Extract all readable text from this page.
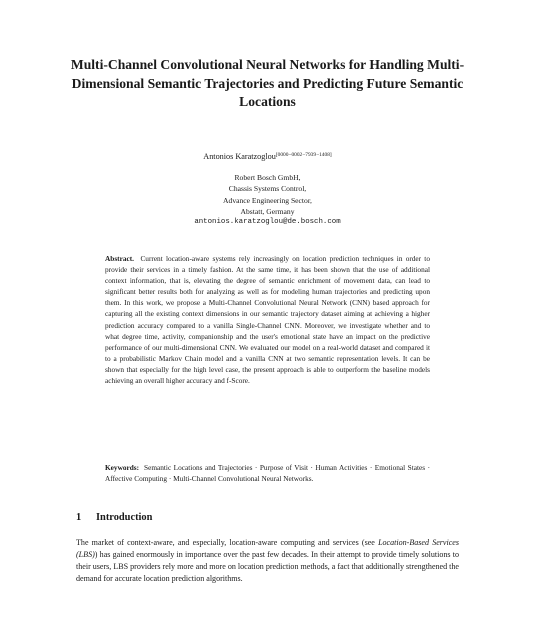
Multi-Channel Convolutional Neural Networks for Handling Multi-Dimensional Semantic Trajectories and Predicting Future Semantic Locations
Antonios Karatzoglou[0000−0002−7939−1408]
Robert Bosch GmbH,
Chassis Systems Control,
Advance Engineering Sector,
Abstatt, Germany
antonios.karatzoglou@de.bosch.com
Abstract. Current location-aware systems rely increasingly on location prediction techniques in order to provide their services in a timely fashion. At the same time, it has been shown that the use of additional context information, that is, elevating the degree of semantic enrichment of movement data, can lead to significant better results both for analyzing as well as for modeling human trajectories and predicting upon them. In this work, we propose a Multi-Channel Convolutional Neural Network (CNN) based approach for capturing all the existing context dimensions in our semantic trajectory dataset aiming at achieving a higher prediction accuracy compared to a vanilla Single-Channel CNN. Moreover, we investigate whether and to what degree time, activity, companionship and the user's emotional state have an impact on the predictive performance of our multi-dimensional CNN. We evaluated our model on a real-world dataset and compared it to a probabilistic Markov Chain model and a vanilla CNN at two semantic representation levels. It can be shown that especially for the high level case, the present approach is able to outperform the baseline models achieving an overall higher accuracy and f-Score.
Keywords: Semantic Locations and Trajectories · Purpose of Visit · Human Activities · Emotional States · Affective Computing · Multi-Channel Convolutional Neural Networks.
1 Introduction
The market of context-aware, and especially, location-aware computing and services (see Location-Based Services (LBS)) has gained enormously in importance over the past few decades. In their attempt to provide timely solutions to their users, LBS providers rely more and more on location prediction methods, a fact that additionally strengthened the demand for accurate location prediction algorithms.
